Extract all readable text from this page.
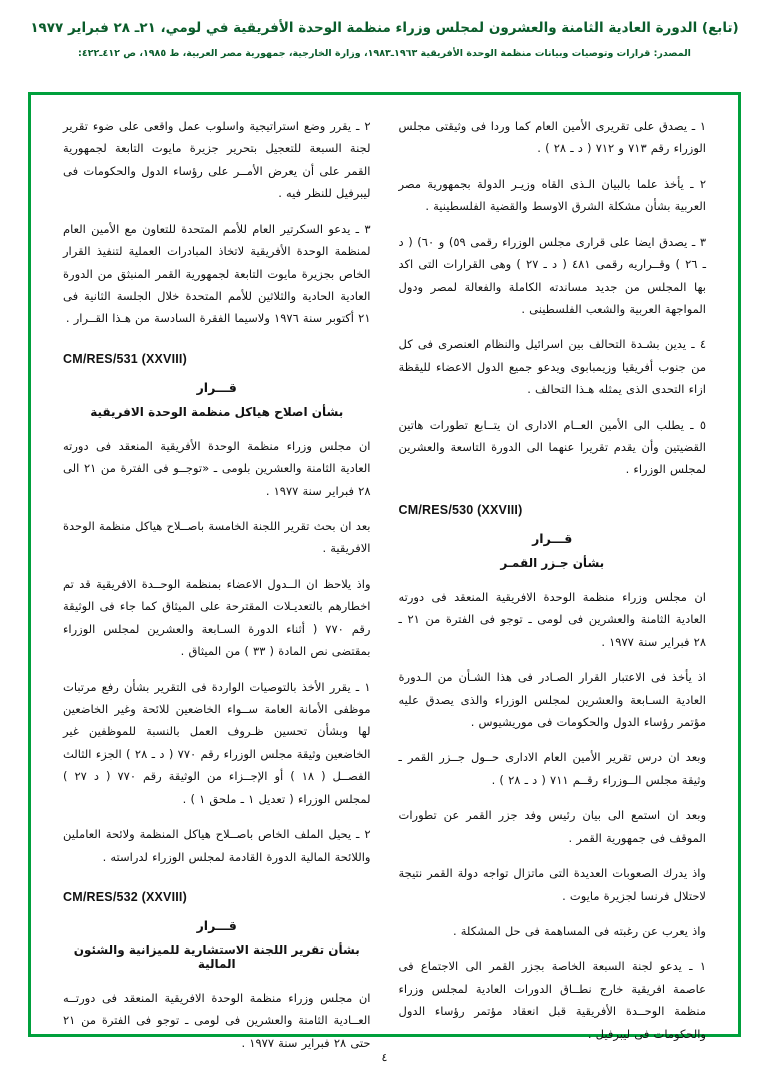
(تابع) الدورة العادية الثامنة والعشرون لمجلس وزراء منظمة الوحدة الأفريقية في لومي، ٢١ـ ٢٨ فبراير ١٩٧٧
المصدر: قرارات وتوصيات وبيانات منظمة الوحدة الأفريقية ١٩٦٣ـ١٩٨٣، وزارة الخارجية، جمهورية مصر العربية، ط ١٩٨٥، ص ٤١٢ـ٤٢٢:

١ ـ يصدق على تقريرى الأمين العام كما وردا فى وثيقتى مجلس الوزراء رقم ٧١٣ و ٧١٢ ( د ـ ٢٨ ) .

٢ ـ يأخذ علما بالبيان الـذى القاه وزيـر الدولة بجمهورية مصر العربية بشأن مشكلة الشرق الاوسط والقضية الفلسطينية .

٣ ـ يصدق ايضا على قرارى مجلس الوزراء رقمى ٥٩) و ٦٠) ( د ـ ٢٦ ) وقــراريه رقمى ٤٨١ ( د ـ ٢٧ ) وهى القرارات التى اكد بها المجلس من جديد مساندته الكاملة والفعالة لمصر ودول المواجهة العربية والشعب الفلسطينى .

٤ ـ يدين بشـدة التحالف بين اسرائيل والنظام العنصرى فى كل من جنوب أفريقيا وزيمبابوى ويدعو جميع الدول الاعضاء لليقظة ازاء التحدى الذى يمثله هـذا التحالف .

٥ ـ يطلب الى الأمين العــام الادارى ان يتــابع تطورات هاتين القضيتين وأن يقدم تقريرا عنهما الى الدورة التاسعة والعشرين لمجلس الوزراء .

CM/RES/530 (XXVIII)
قـــرار
بشأن جـزر القمـر

ان مجلس وزراء منظمة الوحدة الافريقية المنعقد فى دورته العادية الثامنة والعشرين فى لومى ـ توجو فى الفترة من ٢١ ـ ٢٨ فبراير سنة ١٩٧٧ .

اذ يأخذ فى الاعتبار القرار الصـادر فى هذا الشـأن من الـدورة العادية السـابعة والعشرين لمجلس الوزراء والذى يصدق عليه مؤتمر رؤساء الدول والحكومات فى موريشيوس .

وبعد ان درس تقرير الأمين العام الادارى حــول جــزر القمر ـ وثيقة مجلس الــوزراء رقــم ٧١١ ( د ـ ٢٨ ) .

وبعد ان استمع الى بيان رئيس وفد جزر القمر عن تطورات الموقف فى جمهورية القمر .

واذ يدرك الصعوبات العديدة التى ماتزال تواجه دولة القمر نتيجة لاحتلال فرنسا لجزيرة مايوت .

واذ يعرب عن رغبته فى المساهمة فى حل المشكلة .

١ ـ يدعو لجنة السبعة الخاصة بجزر القمر الى الاجتماع فى عاصمة افريقية خارج نطــاق الدورات العادية لمجلس وزراء منظمة الوحــدة الأفريقية قبل انعقاد مؤتمر رؤساء الدول والحكومات فى ليبرفيل .

٢ ـ يقرر وضع استراتيجية واسلوب عمل واقعى على ضوء تقرير لجنة السبعة للتعجيل بتحرير جزيرة مايوت التابعة لجمهورية القمر على أن يعرض الأمــر على رؤساء الدول والحكومات فى ليبرفيل للنظر فيه .

٣ ـ يدعو السكرتير العام للأمم المتحدة للتعاون مع الأمين العام لمنظمة الوحدة الأفريقية لاتخاذ المبادرات العملية لتنفيذ القرار الخاص بجزيرة مايوت التابعة لجمهورية القمر المنبثق من الدورة العادية الحادية والثلاثين للأمم المتحدة خلال الجلسة الثانية فى ٢١ أكتوبر سنة ١٩٧٦ ولاسيما الفقرة السادسة من هـذا القــرار .

CM/RES/531 (XXVIII)
قـــرار
بشأن اصلاح هياكل منظمة الوحدة الافريقية

ان مجلس وزراء منظمة الوحدة الأفريقية المنعقد فى دورته العادية الثامنة والعشرين بلومى ـ «توجــو فى الفترة من ٢١ الى ٢٨ فبراير سنة ١٩٧٧ .

بعد ان بحث تقرير اللجنة الخامسة باصــلاح هياكل منظمة الوحدة الافريقية .

واذ يلاحظ ان الــدول الاعضاء بمنظمة الوحــدة الافريقية قد تم اخطارهم بالتعديـلات المقترحة على الميثاق كما جاء فى الوثيقة رقم ٧٧٠ ( أثناء الدورة السـابعة والعشرين لمجلس الوزراء بمقتضى نص المادة ( ٣٣ ) من الميثاق .

١ ـ يقرر الأخذ بالتوصيات الواردة فى التقرير بشأن رفع مرتبات موظفى الأمانة العامة ســواء الخاضعين للائحة وغير الخاضعين لها وبشأن تحسين ظـروف العمل بالنسبة للموظفين غير الخاضعين وثيقة مجلس الوزراء رقم ٧٧٠ ( د ـ ٢٨ ) الجزء الثالث الفصــل ( ١٨ ) أو الإجــزاء من الوثيقة رقم ٧٧٠ ( د ٢٧ ) لمجلس الوزراء ( تعديل ١ ـ ملحق ١ ) .

٢ ـ يحيل الملف الخاص باصــلاح هياكل المنظمة ولائحة العاملين واللائحة المالية الدورة القادمة لمجلس الوزراء لدراسته .

CM/RES/532 (XXVIII)
قـــرار
بشأن تقرير اللجنة الاستشارية للميزانية والشئون المالية

ان مجلس وزراء منظمة الوحدة الافريقية المنعقد فى دورتــه العــادية الثامنة والعشرين فى لومى ـ توجو فى الفترة من ٢١ حتى ٢٨ فبراير سنة ١٩٧٧ .

٤
